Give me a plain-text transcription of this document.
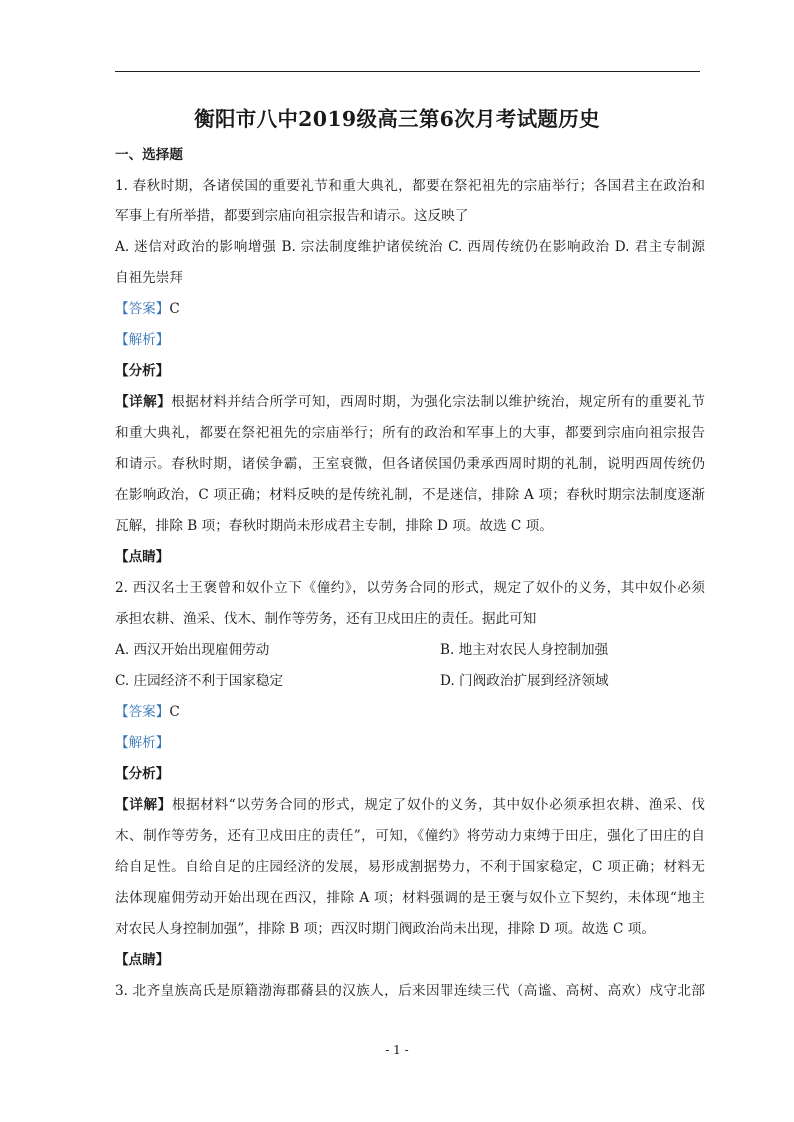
衡阳市八中2019级高三第6次月考试题历史
一、选择题
1. 春秋时期，各诸侯国的重要礼节和重大典礼，都要在祭祀祖先的宗庙举行；各国君主在政治和
军事上有所举措，都要到宗庙向祖宗报告和请示。这反映了
A. 迷信对政治的影响增强 B. 宗法制度维护诸侯统治 C. 西周传统仍在影响政治 D. 君主专制源
自祖先崇拜
【答案】C
【解析】
【分析】
【详解】根据材料并结合所学可知，西周时期，为强化宗法制以维护统治，规定所有的重要礼节
和重大典礼，都要在祭祀祖先的宗庙举行；所有的政治和军事上的大事，都要到宗庙向祖宗报告
和请示。春秋时期，诸侯争霸，王室衰微，但各诸侯国仍秉承西周时期的礼制，说明西周传统仍
在影响政治，C 项正确；材料反映的是传统礼制，不是迷信，排除 A 项；春秋时期宗法制度逐渐
瓦解，排除 B 项；春秋时期尚未形成君主专制，排除 D 项。故选 C 项。
【点睛】
2. 西汉名士王褒曾和奴仆立下《僮约》，以劳务合同的形式，规定了奴仆的义务，其中奴仆必须
承担农耕、渔采、伐木、制作等劳务，还有卫戍田庄的责任。据此可知
A. 西汉开始出现雇佣劳动	B. 地主对农民人身控制加强
C. 庄园经济不利于国家稳定	D. 门阀政治扩展到经济领域
【答案】C
【解析】
【分析】
【详解】根据材料“以劳务合同的形式，规定了奴仆的义务，其中奴仆必须承担农耕、渔采、伐
木、制作等劳务，还有卫戍田庄的责任”，可知，《僮约》将劳动力束缚于田庄，强化了田庄的自
给自足性。自给自足的庄园经济的发展，易形成割据势力，不利于国家稳定，C 项正确；材料无
法体现雇佣劳动开始出现在西汉，排除 A 项；材料强调的是王褒与奴仆立下契约，未体现“地主
对农民人身控制加强”，排除 B 项；西汉时期门阀政治尚未出现，排除 D 项。故选 C 项。
【点睛】
3. 北齐皇族高氏是原籍渤海郡蓨县的汉族人，后来因罪连续三代（高谧、高树、高欢）戍守北部
- 1 -
